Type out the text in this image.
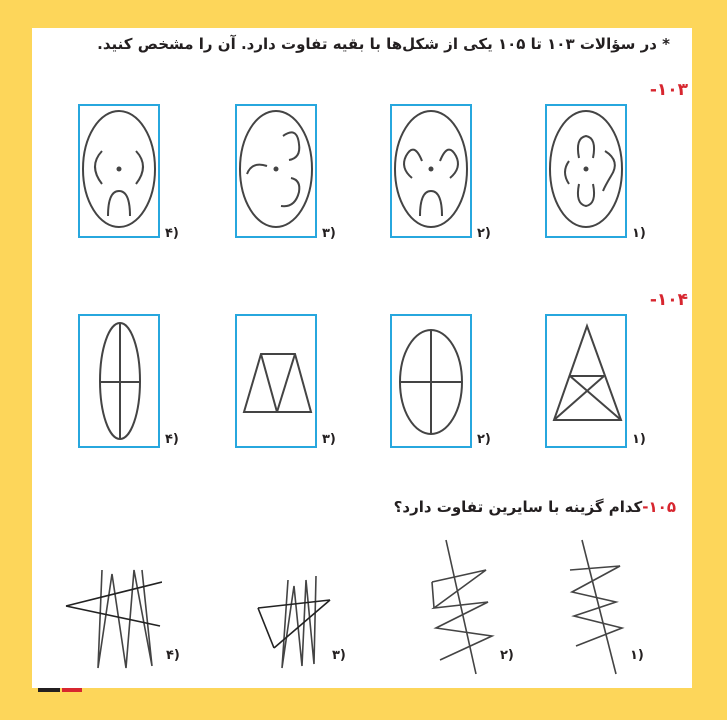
* در سؤالات ۱۰۳ تا ۱۰۵ یکی از شکل‌ها با بقیه تفاوت دارد. آن را مشخص کنید.
-۱۰۳
۴)	۳)	۲)	۱)
-۱۰۴
۴)	۳)	۲)	۱)
۱۰۵-کدام گزینه با سایرین تفاوت دارد؟
۴)	۳)	۲)	۱)
